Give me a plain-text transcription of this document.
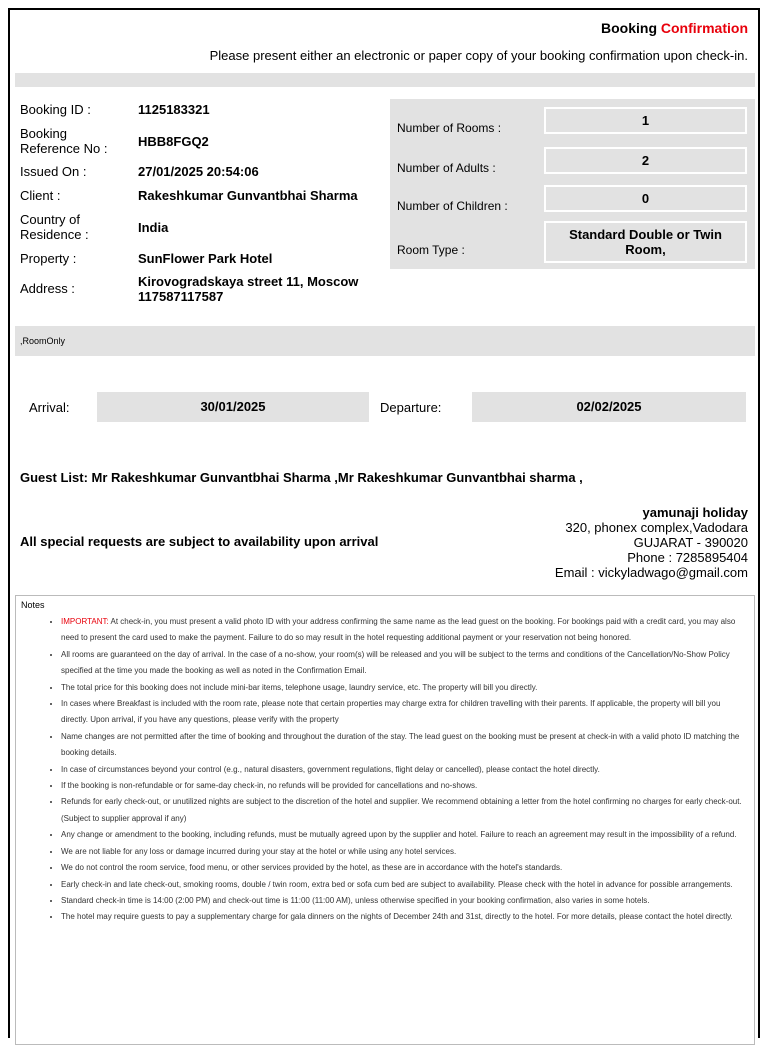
Booking Confirmation
Please present either an electronic or paper copy of your booking confirmation upon check-in.
Booking ID :	1125183321
Booking Reference No :	HBB8FGQ2
Issued On :	27/01/2025 20:54:06
Client :	Rakeshkumar Gunvantbhai Sharma
Country of Residence :	India
Property :	SunFlower Park Hotel
Address :	Kirovogradskaya street 11, Moscow 117587117587
Number of Rooms :	1
Number of Adults :	2
Number of Children :	0
Room Type :
Standard Double or Twin Room,
,RoomOnly
Arrival:	30/01/2025	Departure:	02/02/2025
Guest List: Mr Rakeshkumar Gunvantbhai Sharma ,Mr Rakeshkumar Gunvantbhai sharma ,
All special requests are subject to availability upon arrival
yamunaji holiday
320, phonex complex,Vadodara
GUJARAT - 390020
Phone : 7285895404
Email : vickyladwago@gmail.com
Notes
• IMPORTANT: At check-in, you must present a valid photo ID with your address confirming the same name as the lead guest on the booking. For bookings paid with a credit card, you may also need to present the card used to make the payment. Failure to do so may result in the hotel requesting additional payment or your reservation not being honored.
• All rooms are guaranteed on the day of arrival. In the case of a no-show, your room(s) will be released and you will be subject to the terms and conditions of the Cancellation/No-Show Policy specified at the time you made the booking as well as noted in the Confirmation Email.
• The total price for this booking does not include mini-bar items, telephone usage, laundry service, etc. The property will bill you directly.
• In cases where Breakfast is included with the room rate, please note that certain properties may charge extra for children travelling with their parents. If applicable, the property will bill you directly. Upon arrival, if you have any questions, please verify with the property
• Name changes are not permitted after the time of booking and throughout the duration of the stay. The lead guest on the booking must be present at check-in with a valid photo ID matching the booking details.
• In case of circumstances beyond your control (e.g., natural disasters, government regulations, flight delay or cancelled), please contact the hotel directly.
• If the booking is non-refundable or for same-day check-in, no refunds will be provided for cancellations and no-shows.
• Refunds for early check-out, or unutilized nights are subject to the discretion of the hotel and supplier. We recommend obtaining a letter from the hotel confirming no charges for early check-out. (Subject to supplier approval if any)
• Any change or amendment to the booking, including refunds, must be mutually agreed upon by the supplier and hotel. Failure to reach an agreement may result in the impossibility of a refund.
• We are not liable for any loss or damage incurred during your stay at the hotel or while using any hotel services.
• We do not control the room service, food menu, or other services provided by the hotel, as these are in accordance with the hotel's standards.
• Early check-in and late check-out, smoking rooms, double / twin room, extra bed or sofa cum bed are subject to availability. Please check with the hotel in advance for possible arrangements.
• Standard check-in time is 14:00 (2:00 PM) and check-out time is 11:00 (11:00 AM), unless otherwise specified in your booking confirmation, also varies in some hotels.
• The hotel may require guests to pay a supplementary charge for gala dinners on the nights of December 24th and 31st, directly to the hotel. For more details, please contact the hotel directly.
